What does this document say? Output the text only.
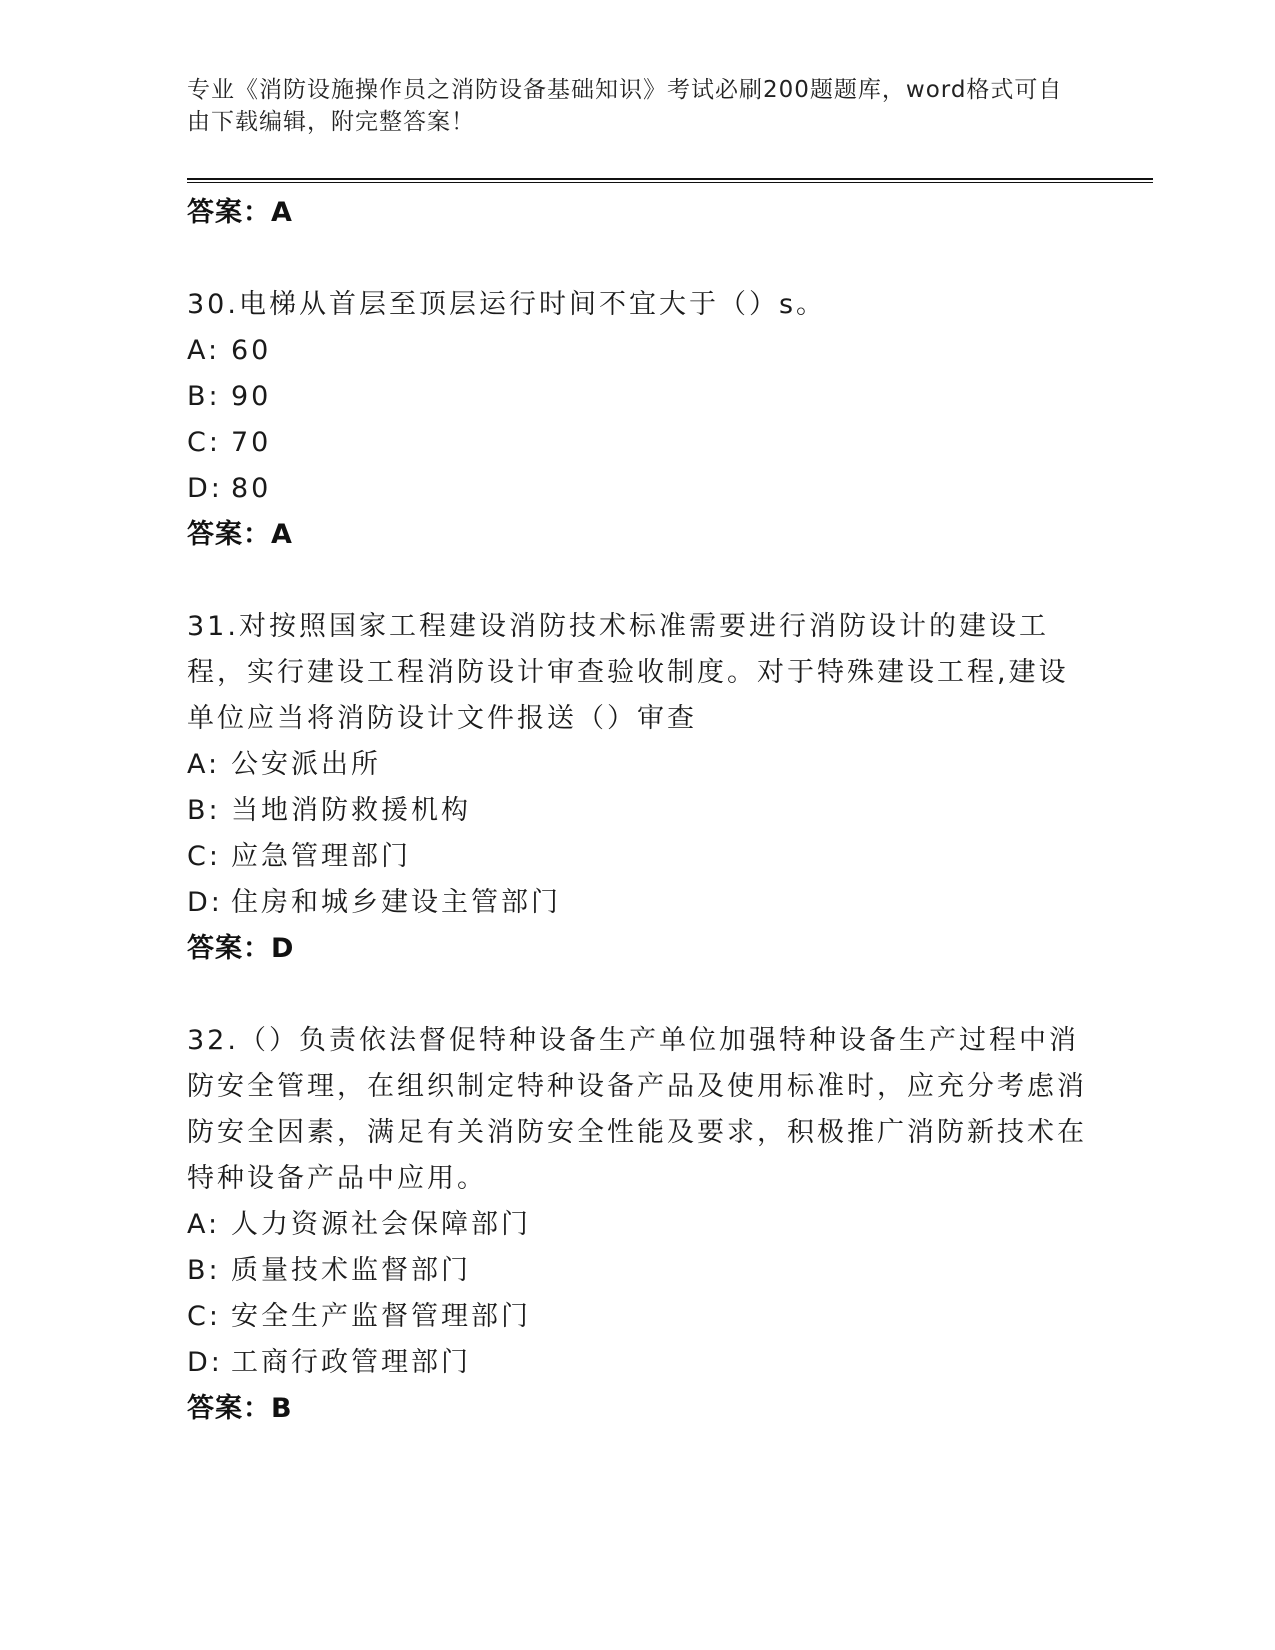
专业《消防设施操作员之消防设备基础知识》考试必刷200题题库，word格式可自由下载编辑，附完整答案！
答案：A

30.电梯从首层至顶层运行时间不宜大于（）s。

A: 60
B: 90
C: 70
D: 80
答案：A

31.对按照国家工程建设消防技术标准需要进行消防设计的建设工程，实行建设工程消防设计审查验收制度。对于特殊建设工程,建设单位应当将消防设计文件报送（）审查

A: 公安派出所
B: 当地消防救援机构
C: 应急管理部门
D: 住房和城乡建设主管部门
答案：D

32.（）负责依法督促特种设备生产单位加强特种设备生产过程中消防安全管理，在组织制定特种设备产品及使用标准时，应充分考虑消防安全因素，满足有关消防安全性能及要求，积极推广消防新技术在特种设备产品中应用。

A: 人力资源社会保障部门
B: 质量技术监督部门
C: 安全生产监督管理部门
D: 工商行政管理部门
答案：B
